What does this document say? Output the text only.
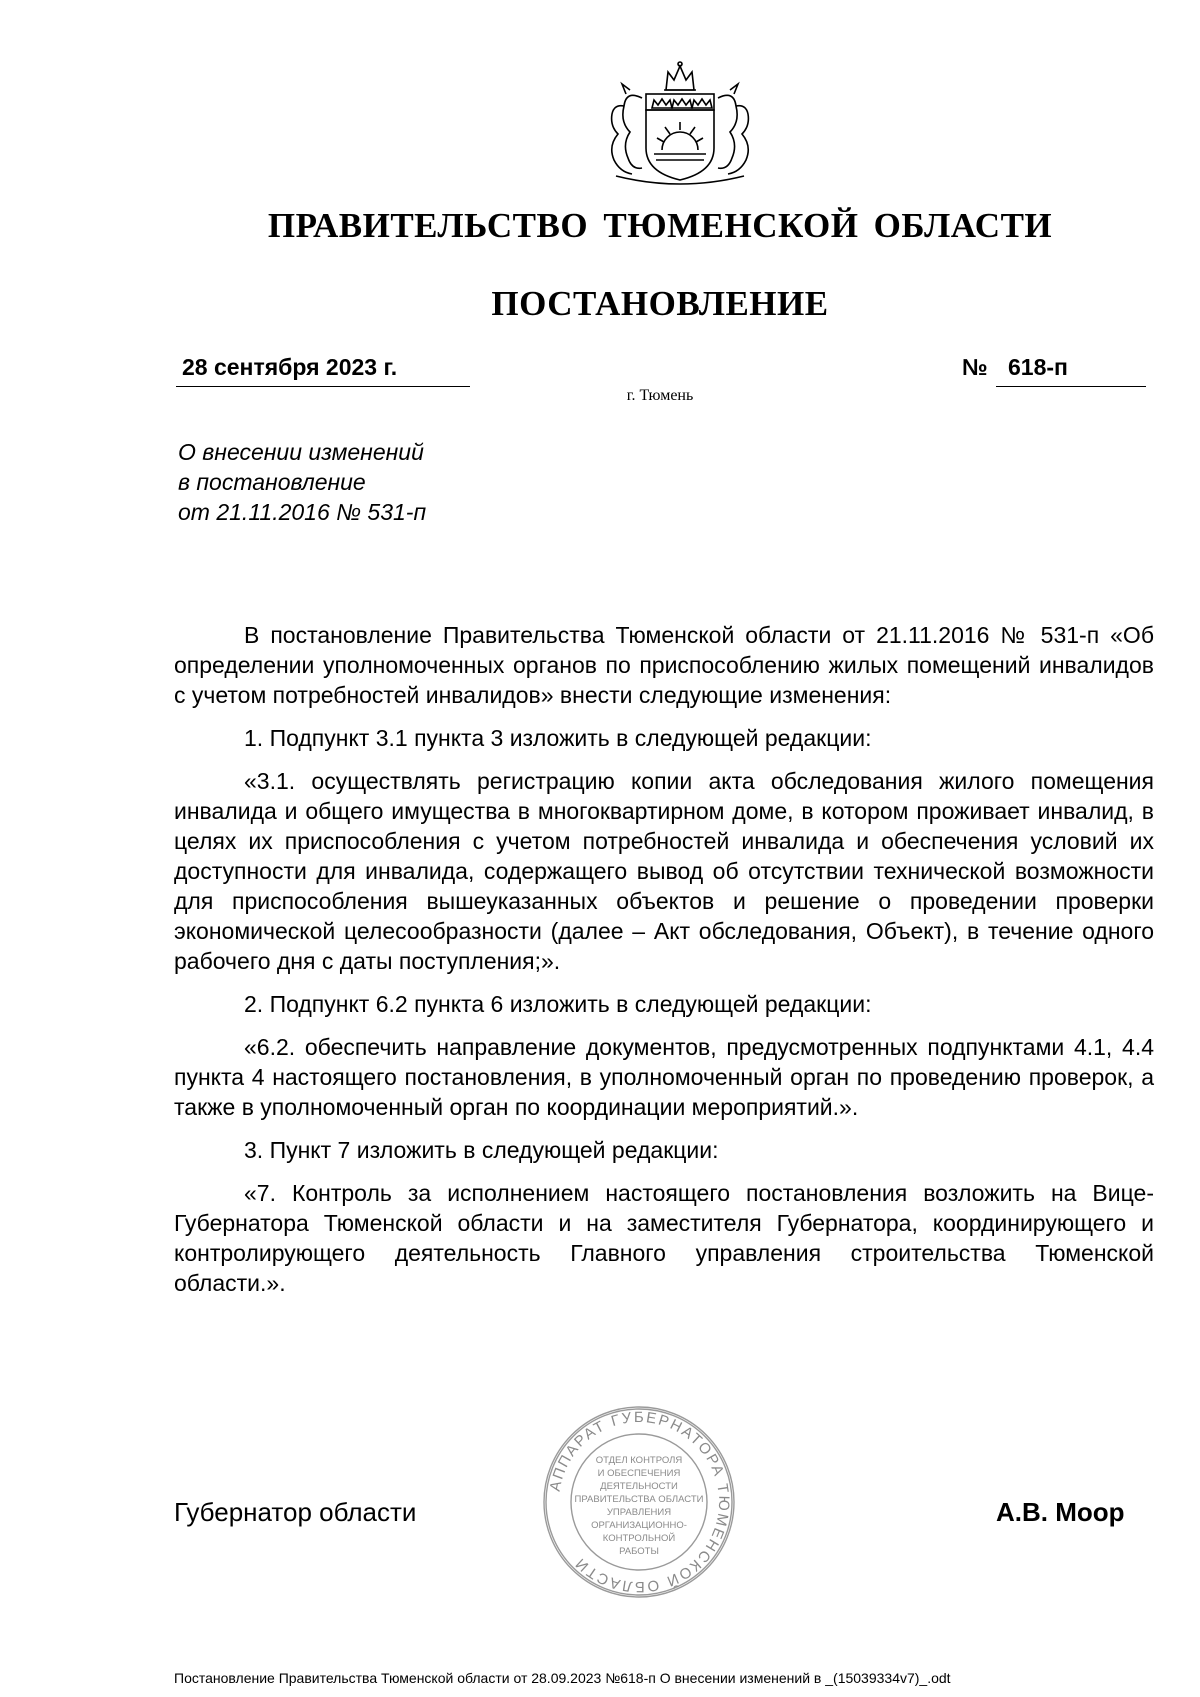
ПРАВИТЕЛЬСТВО ТЮМЕНСКОЙ ОБЛАСТИ
ПОСТАНОВЛЕНИЕ
28 сентября 2023 г.	№ 618-п
г. Тюмень
О внесении изменений
в постановление
от 21.11.2016 № 531-п

В постановление Правительства Тюменской области от 21.11.2016 № 531-п «Об определении уполномоченных органов по приспособлению жилых помещений инвалидов с учетом потребностей инвалидов» внести следующие изменения:

1. Подпункт 3.1 пункта 3 изложить в следующей редакции:

«3.1. осуществлять регистрацию копии акта обследования жилого помещения инвалида и общего имущества в многоквартирном доме, в котором проживает инвалид, в целях их приспособления с учетом потребностей инвалида и обеспечения условий их доступности для инвалида, содержащего вывод об отсутствии технической возможности для приспособления вышеуказанных объектов и решение о проведении проверки экономической целесообразности (далее – Акт обследования, Объект), в течение одного рабочего дня с даты поступления;».

2. Подпункт 6.2 пункта 6 изложить в следующей редакции:

«6.2. обеспечить направление документов, предусмотренных подпунктами 4.1, 4.4 пункта 4 настоящего постановления, в уполномоченный орган по проведению проверок, а также в уполномоченный орган по координации мероприятий.».

3. Пункт 7 изложить в следующей редакции:

«7. Контроль за исполнением настоящего постановления возложить на Вице-Губернатора Тюменской области и на заместителя Губернатора, координирующего и контролирующего деятельность Главного управления строительства Тюменской области.».

АППАРАТ ГУБЕРНАТОРА ТЮМЕНСКОЙ ОБЛАСТИ
ОТДЕЛ КОНТРОЛЯ
И ОБЕСПЕЧЕНИЯ
ДЕЯТЕЛЬНОСТИ
ПРАВИТЕЛЬСТВА ОБЛАСТИ
УПРАВЛЕНИЯ
ОРГАНИЗАЦИОННО-
КОНТРОЛЬНОЙ
РАБОТЫ
Губернатор области	А.В. Моор
Постановление Правительства Тюменской области от 28.09.2023 №618-п О внесении изменений в _(15039334v7)_.odt
